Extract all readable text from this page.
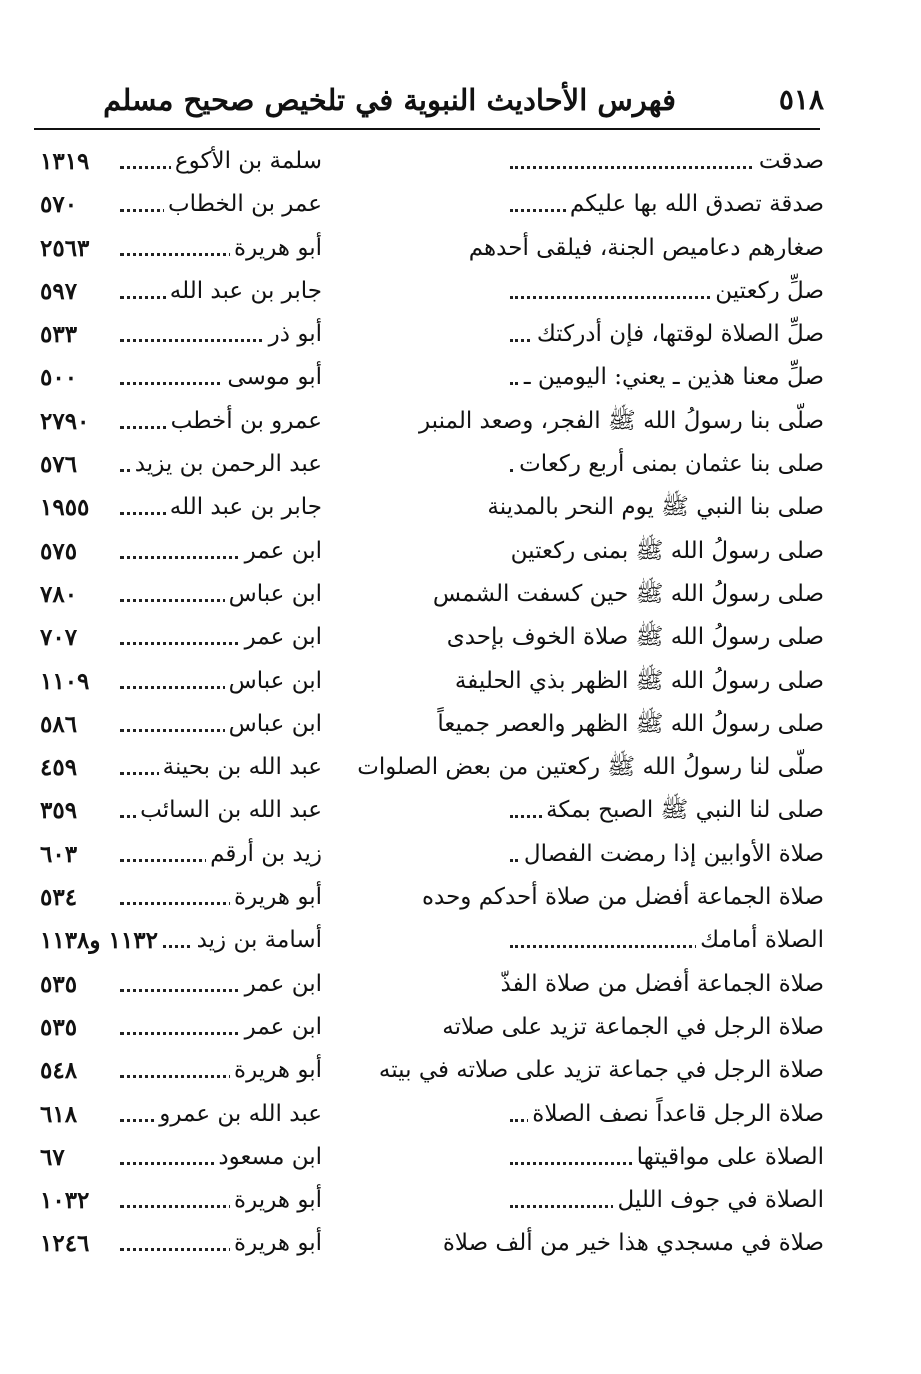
٥١٨
فهرس الأحاديث النبوية في تلخيص صحيح مسلم
صدقت
سلمة بن الأكوع
١٣١٩
صدقة تصدق الله بها عليكم
عمر بن الخطاب
٥٧٠
صغارهم دعاميص الجنة، فيلقى أحدهم
أبو هريرة
٢٥٦٣
صلِّ ركعتين
جابر بن عبد الله
٥٩٧
صلِّ الصلاة لوقتها، فإن أدركتك
أبو ذر
٥٣٣
صلِّ معنا هذين ـ يعني: اليومين ـ
أبو موسى
٥٠٠
صلّى بنا رسولُ الله ﷺ الفجر، وصعد المنبر
عمرو بن أخطب
٢٧٩٠
صلى بنا عثمان بمنى أربع ركعات
عبد الرحمن بن يزيد
٥٧٦
صلى بنا النبي ﷺ يوم النحر بالمدينة
جابر بن عبد الله
١٩٥٥
صلى رسولُ الله ﷺ بمنى ركعتين
ابن عمر
٥٧٥
صلى رسولُ الله ﷺ حين كسفت الشمس
ابن عباس
٧٨٠
صلى رسولُ الله ﷺ صلاة الخوف بإحدى
ابن عمر
٧٠٧
صلى رسولُ الله ﷺ الظهر بذي الحليفة
ابن عباس
١١٠٩
صلى رسولُ الله ﷺ الظهر والعصر جميعاً
ابن عباس
٥٨٦
صلّى لنا رسولُ الله ﷺ ركعتين من بعض الصلوات
عبد الله بن بحينة
٤٥٩
صلى لنا النبي ﷺ الصبح بمكة
عبد الله بن السائب
٣٥٩
صلاة الأوابين إذا رمضت الفصال
زيد بن أرقم
٦٠٣
صلاة الجماعة أفضل من صلاة أحدكم وحده
أبو هريرة
٥٣٤
الصلاة أمامك
أسامة بن زيد
١١٣٢ و١١٣٨
صلاة الجماعة أفضل من صلاة الفذّ
ابن عمر
٥٣٥
صلاة الرجل في الجماعة تزيد على صلاته
ابن عمر
٥٣٥
صلاة الرجل في جماعة تزيد على صلاته في بيته
أبو هريرة
٥٤٨
صلاة الرجل قاعداً نصف الصلاة
عبد الله بن عمرو
٦١٨
الصلاة على مواقيتها
ابن مسعود
٦٧
الصلاة في جوف الليل
أبو هريرة
١٠٣٢
صلاة في مسجدي هذا خير من ألف صلاة
أبو هريرة
١٢٤٦
